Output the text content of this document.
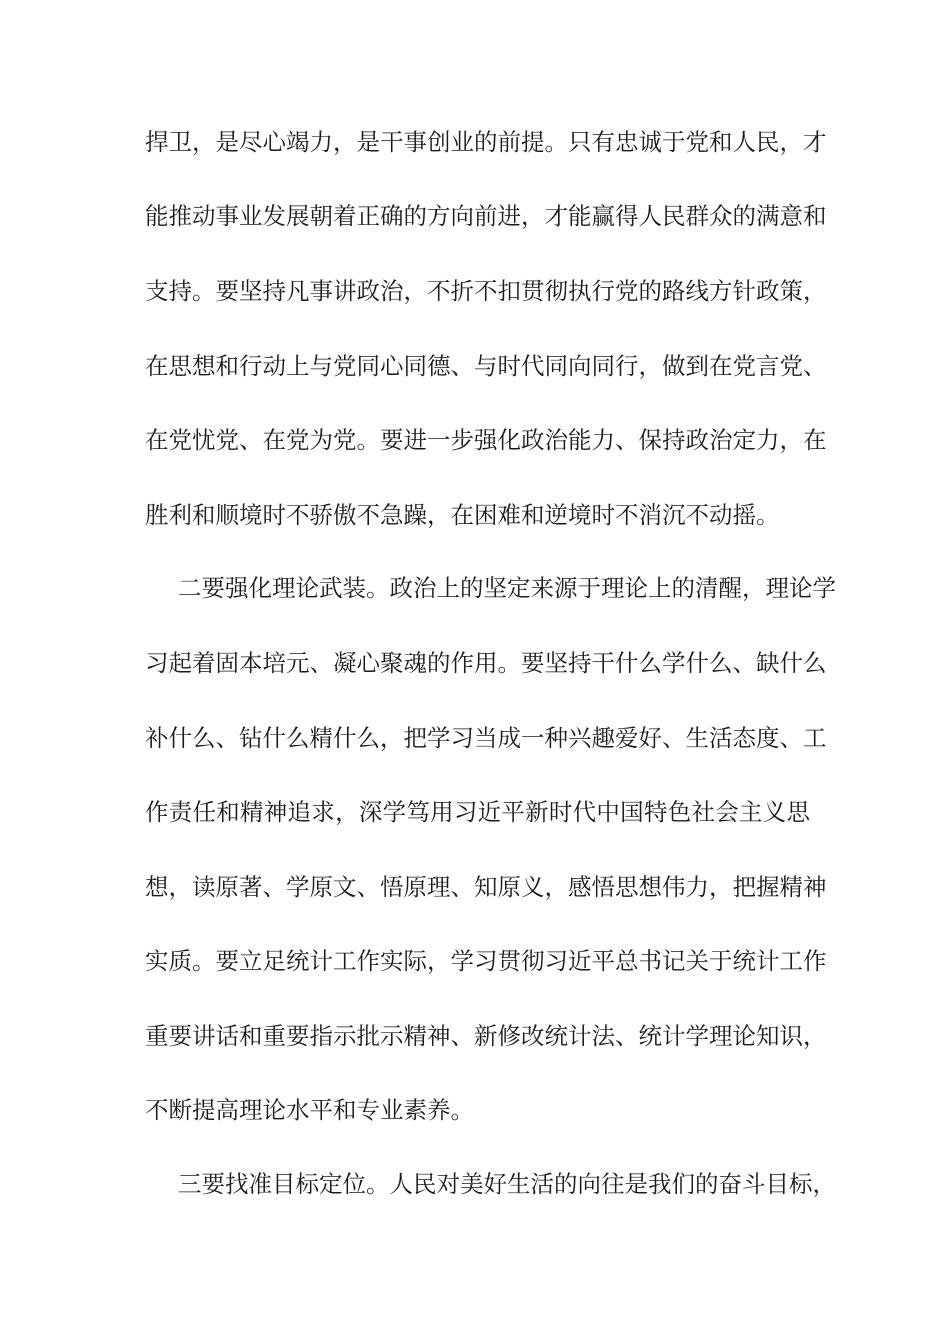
捍卫，是尽心竭力，是干事创业的前提。只有忠诚于党和人民，才
能推动事业发展朝着正确的方向前进，才能赢得人民群众的满意和
支持。要坚持凡事讲政治，不折不扣贯彻执行党的路线方针政策，
在思想和行动上与党同心同德、与时代同向同行，做到在党言党、
在党忧党、在党为党。要进一步强化政治能力、保持政治定力，在
胜利和顺境时不骄傲不急躁，在困难和逆境时不消沉不动摇。
二要强化理论武装。政治上的坚定来源于理论上的清醒，理论学
习起着固本培元、凝心聚魂的作用。要坚持干什么学什么、缺什么
补什么、钻什么精什么，把学习当成一种兴趣爱好、生活态度、工
作责任和精神追求，深学笃用习近平新时代中国特色社会主义思
想，读原著、学原文、悟原理、知原义，感悟思想伟力，把握精神
实质。要立足统计工作实际，学习贯彻习近平总书记关于统计工作
重要讲话和重要指示批示精神、新修改统计法、统计学理论知识，
不断提高理论水平和专业素养。
三要找准目标定位。人民对美好生活的向往是我们的奋斗目标，
